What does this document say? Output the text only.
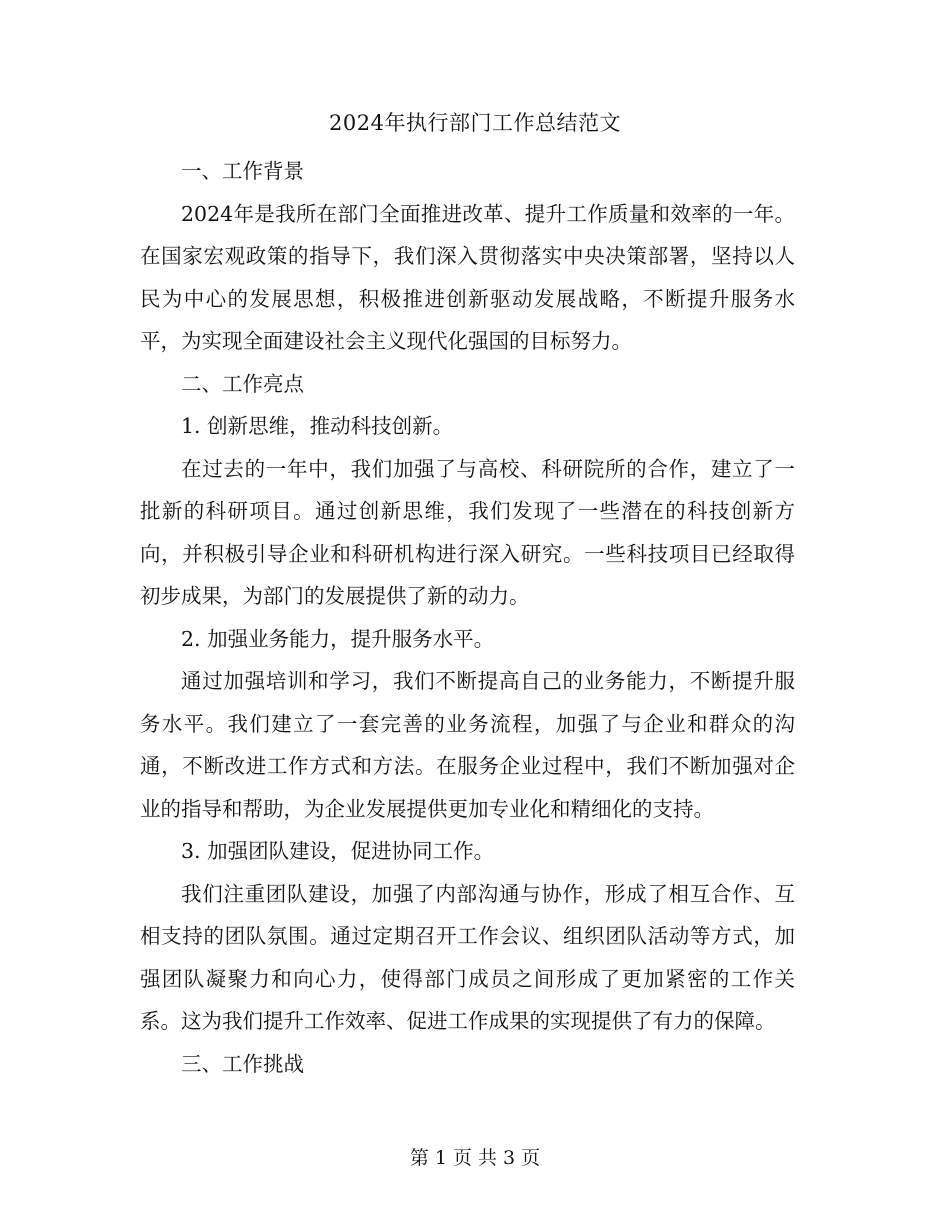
2024年执行部门工作总结范文

一、工作背景

2024年是我所在部门全面推进改革、提升工作质量和效率的一年。在国家宏观政策的指导下，我们深入贯彻落实中央决策部署，坚持以人民为中心的发展思想，积极推进创新驱动发展战略，不断提升服务水平，为实现全面建设社会主义现代化强国的目标努力。

二、工作亮点

1. 创新思维，推动科技创新。

在过去的一年中，我们加强了与高校、科研院所的合作，建立了一批新的科研项目。通过创新思维，我们发现了一些潜在的科技创新方向，并积极引导企业和科研机构进行深入研究。一些科技项目已经取得初步成果，为部门的发展提供了新的动力。

2. 加强业务能力，提升服务水平。

通过加强培训和学习，我们不断提高自己的业务能力，不断提升服务水平。我们建立了一套完善的业务流程，加强了与企业和群众的沟通，不断改进工作方式和方法。在服务企业过程中，我们不断加强对企业的指导和帮助，为企业发展提供更加专业化和精细化的支持。

3. 加强团队建设，促进协同工作。

我们注重团队建设，加强了内部沟通与协作，形成了相互合作、互相支持的团队氛围。通过定期召开工作会议、组织团队活动等方式，加强团队凝聚力和向心力，使得部门成员之间形成了更加紧密的工作关系。这为我们提升工作效率、促进工作成果的实现提供了有力的保障。

三、工作挑战

第 1 页 共 3 页
